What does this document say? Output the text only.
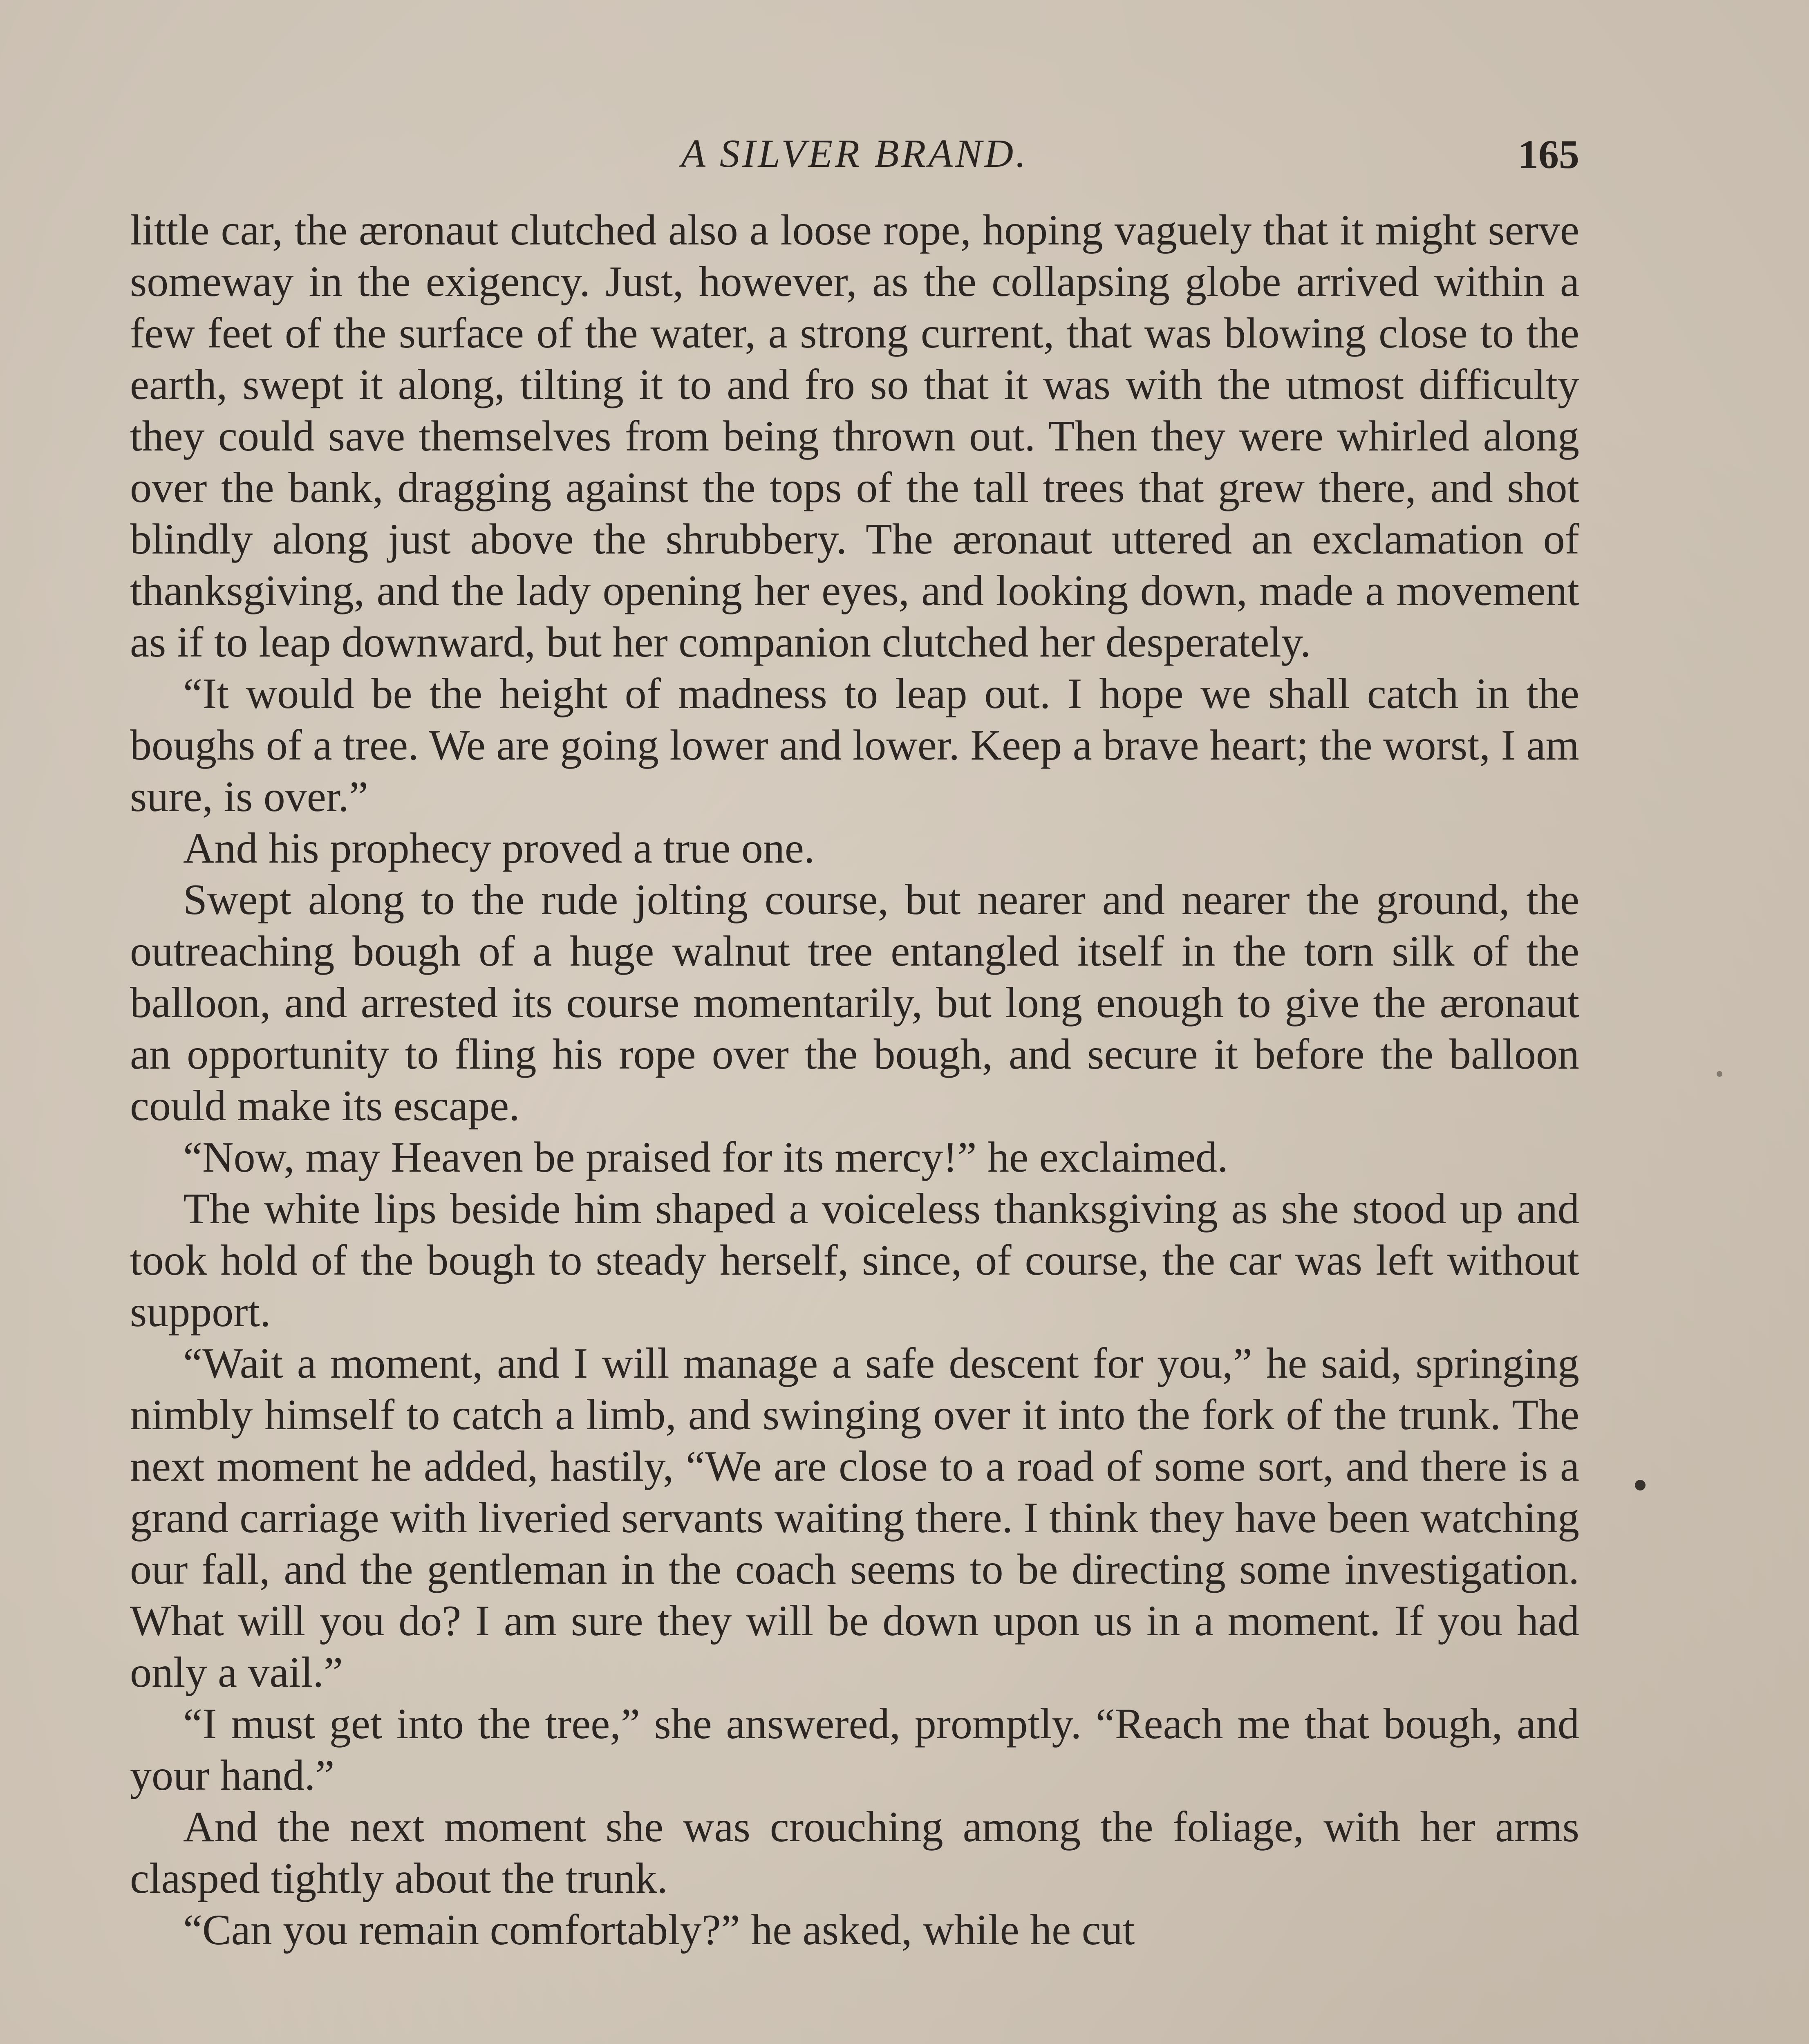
A SILVER BRAND.	165

little car, the æronaut clutched also a loose rope, hoping vaguely that it might serve someway in the exigency. Just, however, as the collapsing globe arrived within a few feet of the surface of the water, a strong current, that was blowing close to the earth, swept it along, tilting it to and fro so that it was with the utmost difficulty they could save themselves from being thrown out. Then they were whirled along over the bank, dragging against the tops of the tall trees that grew there, and shot blindly along just above the shrubbery. The æronaut uttered an exclamation of thanksgiving, and the lady opening her eyes, and looking down, made a movement as if to leap downward, but her companion clutched her desperately.

“It would be the height of madness to leap out. I hope we shall catch in the boughs of a tree. We are going lower and lower. Keep a brave heart; the worst, I am sure, is over.”

And his prophecy proved a true one.

Swept along to the rude jolting course, but nearer and nearer the ground, the outreaching bough of a huge walnut tree entangled itself in the torn silk of the balloon, and arrested its course momentarily, but long enough to give the æronaut an opportunity to fling his rope over the bough, and secure it before the balloon could make its escape.

“Now, may Heaven be praised for its mercy!” he exclaimed.

The white lips beside him shaped a voiceless thanksgiving as she stood up and took hold of the bough to steady herself, since, of course, the car was left without support.

“Wait a moment, and I will manage a safe descent for you,” he said, springing nimbly himself to catch a limb, and swinging over it into the fork of the trunk. The next moment he added, hastily, “We are close to a road of some sort, and there is a grand carriage with liveried servants waiting there. I think they have been watching our fall, and the gentleman in the coach seems to be directing some investigation. What will you do? I am sure they will be down upon us in a moment. If you had only a vail.”

“I must get into the tree,” she answered, promptly. “Reach me that bough, and your hand.”

And the next moment she was crouching among the foliage, with her arms clasped tightly about the trunk.

“Can you remain comfortably?” he asked, while he cut
